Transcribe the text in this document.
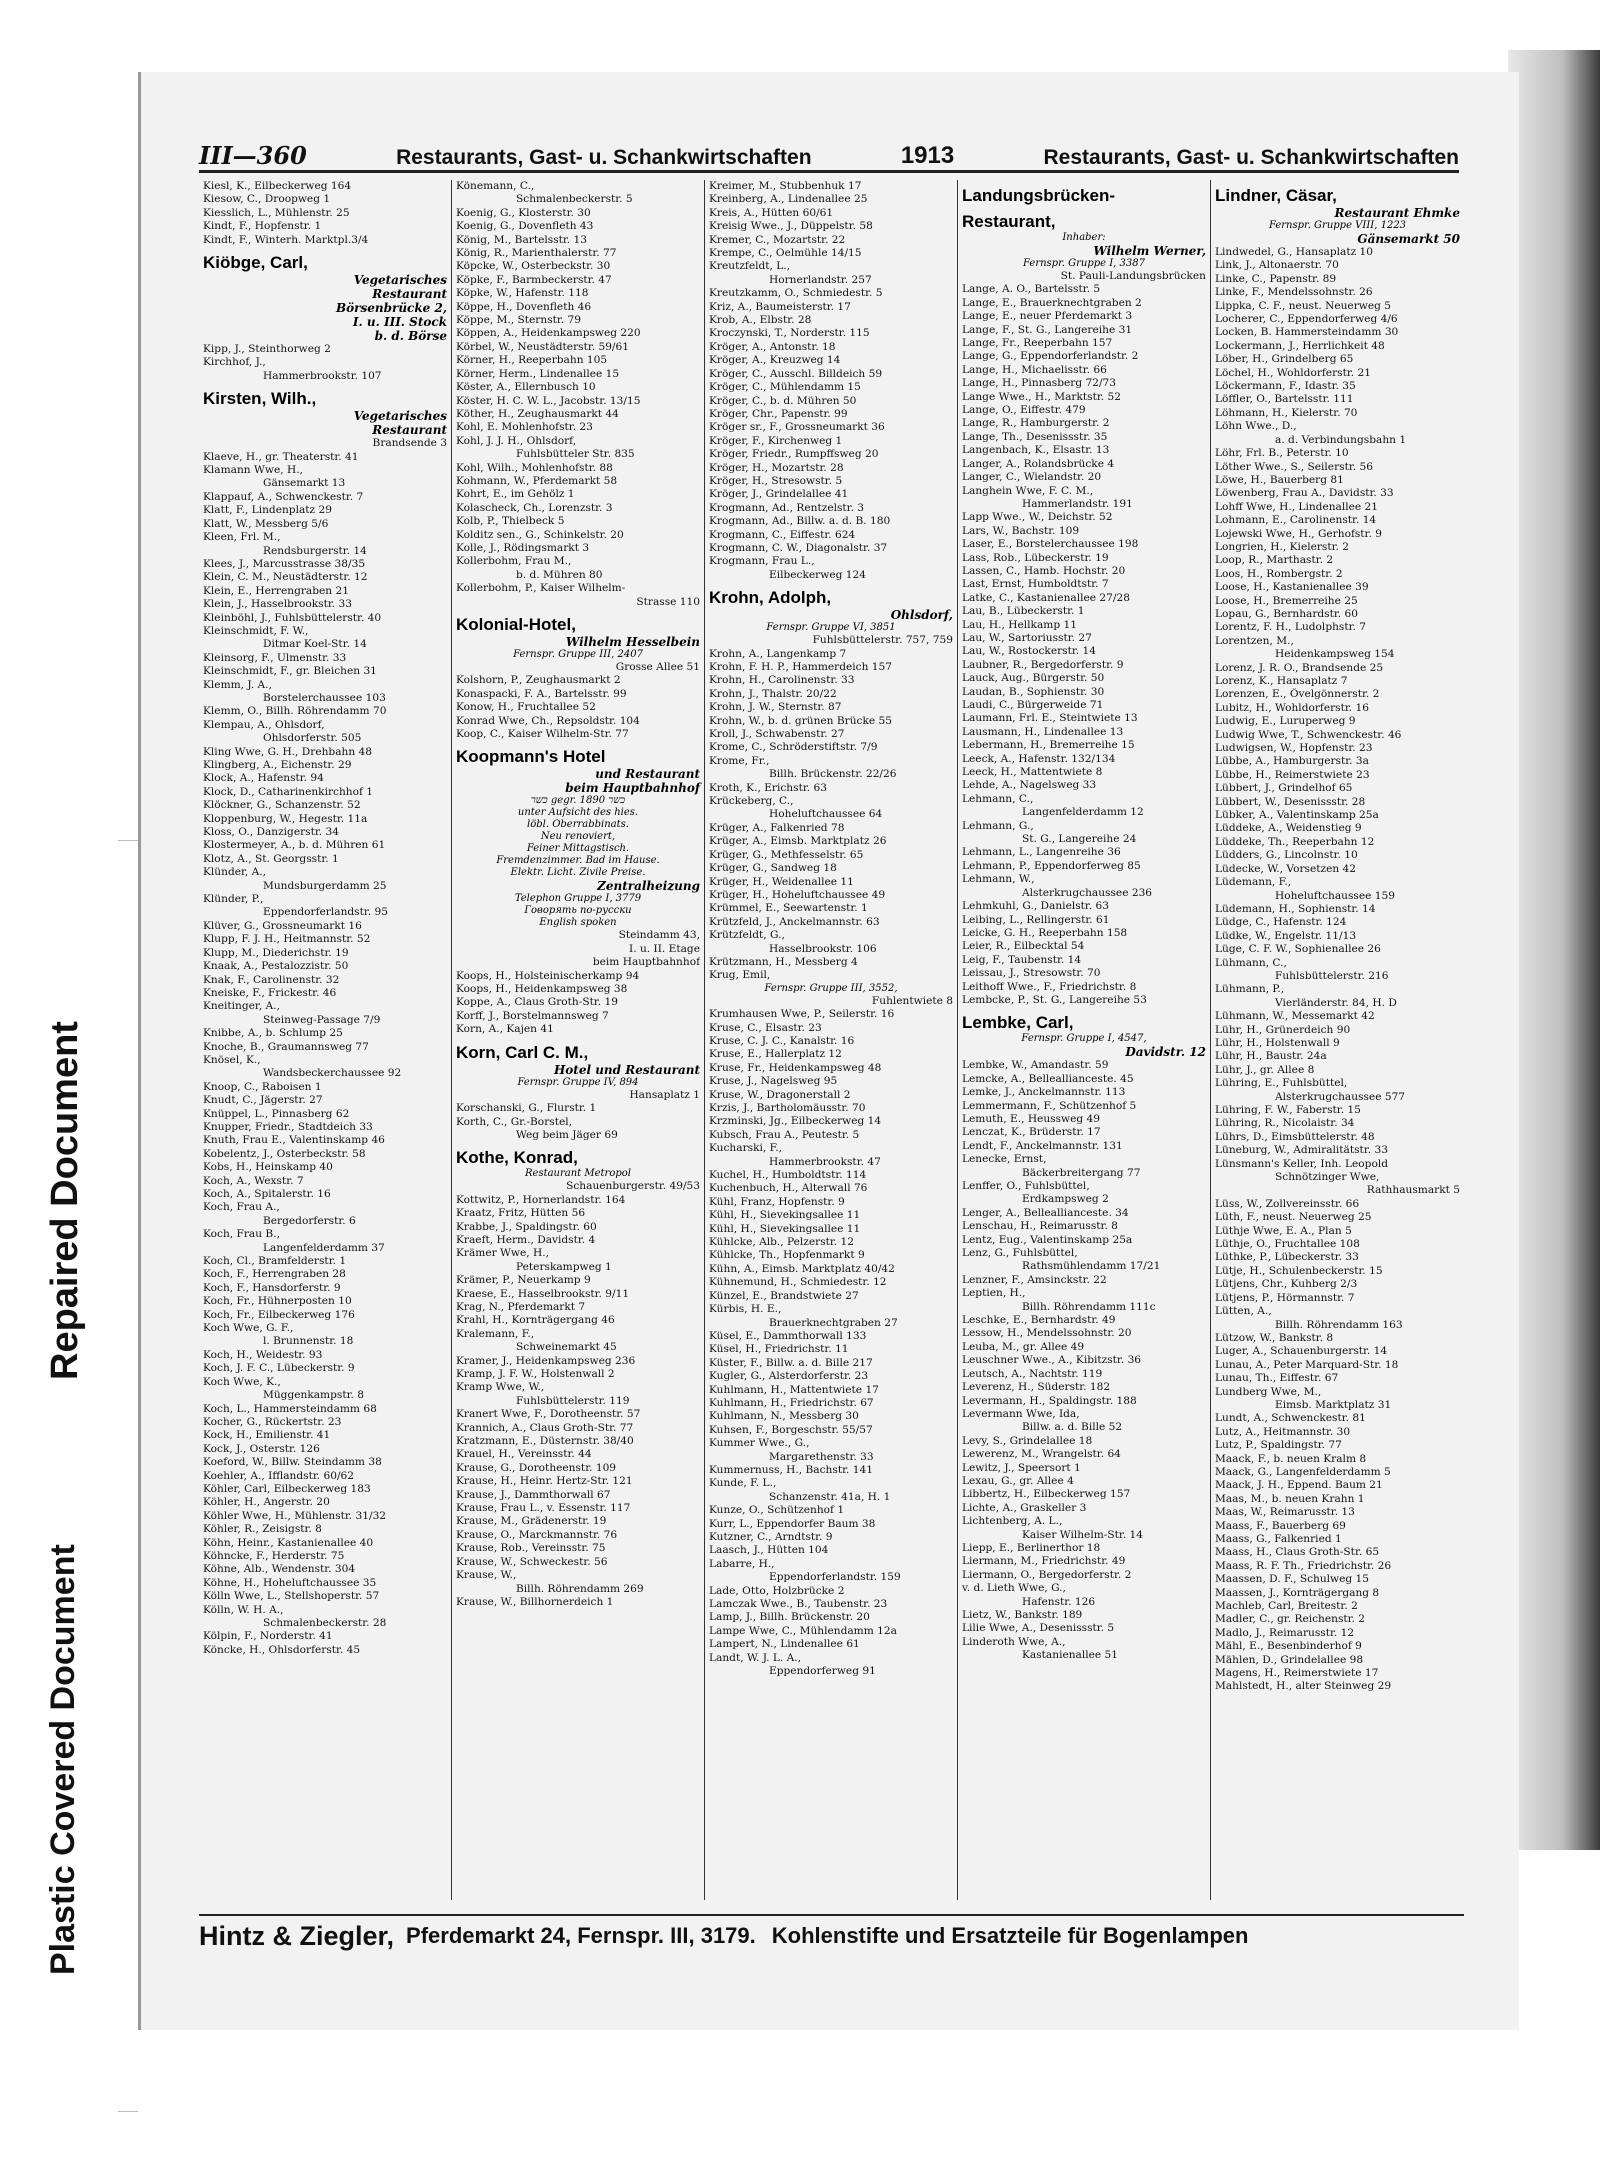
Repaired Document
Plastic Covered Document
III—360	Restaurants, Gast- u. Schankwirtschaften	1913	Restaurants, Gast- u. Schankwirtschaften
Kiesl, K., Eilbeckerweg 164
Kiesow, C., Droopweg 1
Kiesslich, L., Mühlenstr. 25
Kindt, F., Hopfenstr. 1
Kindt, F., Winterh. Marktpl.3/4
Kiöbge, Carl,
Vegetarisches
Restaurant
Börsenbrücke 2,
I. u. III. Stock
b. d. Börse
Kipp, J., Steinthorweg 2
Kirchhof, J.,
Hammerbrookstr. 107
Kirsten, Wilh.,
Vegetarisches
Restaurant
Brandsende 3
Klaeve, H., gr. Theaterstr. 41
Klamann Wwe, H.,
Gänsemarkt 13
Klappauf, A., Schwenckestr. 7
Klatt, F., Lindenplatz 29
Klatt, W., Messberg 5/6
Kleen, Frl. M.,
Rendsburgerstr. 14
Klees, J., Marcusstrasse 38/35
Klein, C. M., Neustädterstr. 12
Klein, E., Herrengraben 21
Klein, J., Hasselbrookstr. 33
Kleinböhl, J., Fuhlsbüttelerstr. 40
Kleinschmidt, F. W.,
Ditmar Koel-Str. 14
Kleinsorg, F., Ulmenstr. 33
Kleinschmidt, F., gr. Bleichen 31
Klemm, J. A.,
Borstelerchaussee 103
Klemm, O., Billh. Röhrendamm 70
Klempau, A., Ohlsdorf,
Ohlsdorferstr. 505
Kling Wwe, G. H., Drehbahn 48
Klingberg, A., Eichenstr. 29
Klock, A., Hafenstr. 94
Klock, D., Catharinenkirchhof 1
Klöckner, G., Schanzenstr. 52
Kloppenburg, W., Hegestr. 11a
Kloss, O., Danzigerstr. 34
Klostermeyer, A., b. d. Mühren 61
Klotz, A., St. Georgsstr. 1
Klünder, A.,
Mundsburgerdamm 25
Klünder, P.,
Eppendorferlandstr. 95
Klüver, G., Grossneumarkt 16
Klupp, F. J. H., Heitmannstr. 52
Klupp, M., Diederichstr. 19
Knaak, A., Pestalozzistr. 50
Knak, F., Carolinenstr. 32
Kneiske, F., Frickestr. 46
Kneitinger, A.,
Steinweg-Passage 7/9
Knibbe, A., b. Schlump 25
Knoche, B., Graumannsweg 77
Knösel, K.,
Wandsbeckerchaussee 92
Knoop, C., Raboisen 1
Knudt, C., Jägerstr. 27
Knüppel, L., Pinnasberg 62
Knupper, Friedr., Stadtdeich 33
Knuth, Frau E., Valentinskamp 46
Kobelentz, J., Osterbeckstr. 58
Kobs, H., Heinskamp 40
Koch, A., Wexstr. 7
Koch, A., Spitalerstr. 16
Koch, Frau A.,
Bergedorferstr. 6
Koch, Frau B.,
Langenfelderdamm 37
Koch, Cl., Bramfelderstr. 1
Koch, F., Herrengraben 28
Koch, F., Hansdorferstr. 9
Koch, Fr., Hühnerposten 10
Koch, Fr., Eilbeckerweg 176
Koch Wwe, G. F.,
l. Brunnenstr. 18
Koch, H., Weidestr. 93
Koch, J. F. C., Lübeckerstr. 9
Koch Wwe, K.,
Müggenkampstr. 8
Koch, L., Hammersteindamm 68
Kocher, G., Rückertstr. 23
Kock, H., Emilienstr. 41
Kock, J., Osterstr. 126
Koeford, W., Billw. Steindamm 38
Koehler, A., Ifflandstr. 60/62
Köhler, Carl, Eilbeckerweg 183
Köhler, H., Angerstr. 20
Köhler Wwe, H., Mühlenstr. 31/32
Köhler, R., Zeisigstr. 8
Köhn, Heinr., Kastanienallee 40
Köhncke, F., Herderstr. 75
Köhne, Alb., Wendenstr. 304
Köhne, H., Hoheluftchaussee 35
Kölln Wwe, L., Stellshoperstr. 57
Kölln, W. H. A.,
Schmalenbeckerstr. 28
Kölpin, F., Norderstr. 41
Köncke, H., Ohlsdorferstr. 45
Könemann, C.,
Schmalenbeckerstr. 5
Koenig, G., Klosterstr. 30
Koenig, G., Dovenfleth 43
König, M., Bartelsstr. 13
König, R., Marienthalerstr. 77
Köpcke, W., Osterbeckstr. 30
Köpke, F., Barmbeckerstr. 47
Köpke, W., Hafenstr. 118
Köppe, H., Dovenfleth 46
Köppe, M., Sternstr. 79
Köppen, A., Heidenkampsweg 220
Körbel, W., Neustädterstr. 59/61
Körner, H., Reeperbahn 105
Körner, Herm., Lindenallee 15
Köster, A., Ellernbusch 10
Köster, H. C. W. L., Jacobstr. 13/15
Köther, H., Zeughausmarkt 44
Kohl, E. Mohlenhofstr. 23
Kohl, J. J. H., Ohlsdorf,
Fuhlsbütteler Str. 835
Kohl, Wilh., Mohlenhofstr. 88
Kohmann, W., Pferdemarkt 58
Kohrt, E., im Gehölz 1
Kolascheck, Ch., Lorenzstr. 3
Kolb, P., Thielbeck 5
Kolditz sen., G., Schinkelstr. 20
Kolle, J., Rödingsmarkt 3
Kollerbohm, Frau M.,
b. d. Mühren 80
Kollerbohm, P., Kaiser Wilhelm-
Strasse 110
Kolonial-Hotel,
Wilhelm Hesselbein
Fernspr. Gruppe III, 2407
Grosse Allee 51
Kolshorn, P., Zeughausmarkt 2
Konaspacki, F. A., Bartelsstr. 99
Konow, H., Fruchtallee 52
Konrad Wwe, Ch., Repsoldstr. 104
Koop, C., Kaiser Wilhelm-Str. 77
Koopmann's Hotel
und Restaurant
beim Hauptbahnhof
כשר gegr. 1890 כשר
unter Aufsicht des hies.
löbl. Oberrabbinats.
Neu renoviert,
Feiner Mittagstisch.
Fremdenzimmer. Bad im Hause.
Elektr. Licht. Zivile Preise.
Zentralheizung
Telephon Gruppe I, 3779
Говорять по-русски
English spoken
Steindamm 43,
I. u. II. Etage
beim Hauptbahnhof
Koops, H., Holsteinischerkamp 94
Koops, H., Heidenkampsweg 38
Koppe, A., Claus Groth-Str. 19
Korff, J., Borstelmannsweg 7
Korn, A., Kajen 41
Korn, Carl C. M.,
Hotel und Restaurant
Fernspr. Gruppe IV, 894
Hansaplatz 1
Korschanski, G., Flurstr. 1
Korth, C., Gr.-Borstel,
Weg beim Jäger 69
Kothe, Konrad,
Restaurant Metropol
Schauenburgerstr. 49/53
Kottwitz, P., Hornerlandstr. 164
Kraatz, Fritz, Hütten 56
Krabbe, J., Spaldingstr. 60
Kraeft, Herm., Davidstr. 4
Krämer Wwe, H.,
Peterskampweg 1
Krämer, P., Neuerkamp 9
Kraese, E., Hasselbrookstr. 9/11
Krag, N., Pferdemarkt 7
Krahl, H., Kornträgergang 46
Kralemann, F.,
Schweinemarkt 45
Kramer, J., Heidenkampsweg 236
Kramp, J. F. W., Holstenwall 2
Kramp Wwe, W.,
Fuhlsbüttelerstr. 119
Kranert Wwe, F., Dorotheenstr. 57
Krannich, A., Claus Groth-Str. 77
Kratzmann, E., Düsternstr. 38/40
Krauel, H., Vereinsstr. 44
Krause, G., Dorotheenstr. 109
Krause, H., Heinr. Hertz-Str. 121
Krause, J., Dammthorwall 67
Krause, Frau L., v. Essenstr. 117
Krause, M., Grädenerstr. 19
Krause, O., Marckmannstr. 76
Krause, Rob., Vereinsstr. 75
Krause, W., Schweckestr. 56
Krause, W.,
Billh. Röhrendamm 269
Krause, W., Billhornerdeich 1
Kreimer, M., Stubbenhuk 17
Kreinberg, A., Lindenallee 25
Kreis, A., Hütten 60/61
Kreisig Wwe., J., Düppelstr. 58
Kremer, C., Mozartstr. 22
Krempe, C., Oelmühle 14/15
Kreutzfeldt, L.,
Hornerlandstr. 257
Kreutzkamm, O., Schmiedestr. 5
Kriz, A., Baumeisterstr. 17
Krob, A., Elbstr. 28
Kroczynski, T., Norderstr. 115
Kröger, A., Antonstr. 18
Kröger, A., Kreuzweg 14
Kröger, C., Ausschl. Billdeich 59
Kröger, C., Mühlendamm 15
Kröger, C., b. d. Mühren 50
Kröger, Chr., Papenstr. 99
Kröger sr., F., Grossneumarkt 36
Kröger, F., Kirchenweg 1
Kröger, Friedr., Rumpffsweg 20
Kröger, H., Mozartstr. 28
Kröger, H., Stresowstr. 5
Kröger, J., Grindelallee 41
Krogmann, Ad., Rentzelstr. 3
Krogmann, Ad., Billw. a. d. B. 180
Krogmann, C., Eiffestr. 624
Krogmann, C. W., Diagonalstr. 37
Krogmann, Frau L.,
Eilbeckerweg 124
Krohn, Adolph,
Ohlsdorf,
Fernspr. Gruppe VI, 3851
Fuhlsbüttelerstr. 757, 759
Krohn, A., Langenkamp 7
Krohn, F. H. P., Hammerdeich 157
Krohn, H., Carolinenstr. 33
Krohn, J., Thalstr. 20/22
Krohn, J. W., Sternstr. 87
Krohn, W., b. d. grünen Brücke 55
Kroll, J., Schwabenstr. 27
Krome, C., Schröderstiftstr. 7/9
Krome, Fr.,
Billh. Brückenstr. 22/26
Kroth, K., Erichstr. 63
Krückeberg, C.,
Hoheluftchaussee 64
Krüger, A., Falkenried 78
Krüger, A., Eimsb. Marktplatz 26
Krüger, G., Methfesselstr. 65
Krüger, G., Sandweg 18
Krüger, H., Weidenallee 11
Krüger, H., Hoheluftchaussee 49
Krümmel, E., Seewartenstr. 1
Krützfeld, J., Anckelmannstr. 63
Krützfeldt, G.,
Hasselbrookstr. 106
Krützmann, H., Messberg 4
Krug, Emil,
Fernspr. Gruppe III, 3552,
Fuhlentwiete 8
Krumhausen Wwe, P., Seilerstr. 16
Kruse, C., Elsastr. 23
Kruse, C. J. C., Kanalstr. 16
Kruse, E., Hallerplatz 12
Kruse, Fr., Heidenkampsweg 48
Kruse, J., Nagelsweg 95
Kruse, W., Dragonerstall 2
Krzis, J., Bartholomäusstr. 70
Krzminski, Jg., Eilbeckerweg 14
Kubsch, Frau A., Peutestr. 5
Kucharski, F.,
Hammerbrookstr. 47
Kuchel, H., Humboldtstr. 114
Kuchenbuch, H., Alterwall 76
Kühl, Franz, Hopfenstr. 9
Kühl, H., Sievekingsallee 11
Kühl, H., Sievekingsallee 11
Kühlcke, Alb., Pelzerstr. 12
Kühlcke, Th., Hopfenmarkt 9
Kühn, A., Eimsb. Marktplatz 40/42
Kühnemund, H., Schmiedestr. 12
Künzel, E., Brandstwiete 27
Kürbis, H. E.,
Brauerknechtgraben 27
Küsel, E., Dammthorwall 133
Küsel, H., Friedrichstr. 11
Küster, F., Billw. a. d. Bille 217
Kugler, G., Alsterdorferstr. 23
Kuhlmann, H., Mattentwiete 17
Kuhlmann, H., Friedrichstr. 67
Kuhlmann, N., Messberg 30
Kuhsen, F., Borgeschstr. 55/57
Kummer Wwe., G.,
Margarethenstr. 33
Kummernuss, H., Bachstr. 141
Kunde, F. L.,
Schanzenstr. 41a, H. 1
Kunze, O., Schützenhof 1
Kurr, L., Eppendorfer Baum 38
Kutzner, C., Arndtstr. 9
Laasch, J., Hütten 104
Labarre, H.,
Eppendorferlandstr. 159
Lade, Otto, Holzbrücke 2
Lamczak Wwe., B., Taubenstr. 23
Lamp, J., Billh. Brückenstr. 20
Lampe Wwe, C., Mühlendamm 12a
Lampert, N., Lindenallee 61
Landt, W. J. L. A.,
Eppendorferweg 91
Landungsbrücken-
Restaurant,
Inhaber:
Wilhelm Werner,
Fernspr. Gruppe I, 3387
St. Pauli-Landungsbrücken
Lange, A. O., Bartelsstr. 5
Lange, E., Brauerknechtgraben 2
Lange, E., neuer Pferdemarkt 3
Lange, F., St. G., Langereihe 31
Lange, Fr., Reeperbahn 157
Lange, G., Eppendorferlandstr. 2
Lange, H., Michaelisstr. 66
Lange, H., Pinnasberg 72/73
Lange Wwe., H., Marktstr. 52
Lange, O., Eiffestr. 479
Lange, R., Hamburgerstr. 2
Lange, Th., Desenissstr. 35
Langenbach, K., Elsastr. 13
Langer, A., Rolandsbrücke 4
Langer, C., Wielandstr. 20
Langhein Wwe, F. C. M.,
Hammerlandstr. 191
Lapp Wwe., W., Deichstr. 52
Lars, W., Bachstr. 109
Laser, E., Borstelerchaussee 198
Lass, Rob., Lübeckerstr. 19
Lassen, C., Hamb. Hochstr. 20
Last, Ernst, Humboldtstr. 7
Latke, C., Kastanienallee 27/28
Lau, B., Lübeckerstr. 1
Lau, H., Hellkamp 11
Lau, W., Sartoriusstr. 27
Lau, W., Rostockerstr. 14
Laubner, R., Bergedorferstr. 9
Lauck, Aug., Bürgerstr. 50
Laudan, B., Sophienstr. 30
Laudi, C., Bürgerweide 71
Laumann, Frl. E., Steintwiete 13
Lausmann, H., Lindenallee 13
Lebermann, H., Bremerreihe 15
Leeck, A., Hafenstr. 132/134
Leeck, H., Mattentwiete 8
Lehde, A., Nagelsweg 33
Lehmann, C.,
Langenfelderdamm 12
Lehmann, G.,
St. G., Langereihe 24
Lehmann, L., Langenreihe 36
Lehmann, P., Eppendorferweg 85
Lehmann, W.,
Alsterkrugchaussee 236
Lehmkuhl, G., Danielstr. 63
Leibing, L., Rellingerstr. 61
Leicke, G. H., Reeperbahn 158
Leier, R., Eilbecktal 54
Leig, F., Taubenstr. 14
Leissau, J., Stresowstr. 70
Leithoff Wwe., F., Friedrichstr. 8
Lembcke, P., St. G., Langereihe 53
Lembke, Carl,
Fernspr. Gruppe I, 4547,
Davidstr. 12
Lembke, W., Amandastr. 59
Lemcke, A., Belleallianceste. 45
Lemke, J., Anckelmannstr. 113
Lemmermann, F., Schützenhof 5
Lemuth, E., Heussweg 49
Lenczat, K., Brüderstr. 17
Lendt, F., Anckelmannstr. 131
Lenecke, Ernst,
Bäckerbreitergang 77
Lenffer, O., Fuhlsbüttel,
Erdkampsweg 2
Lenger, A., Belleallianceste. 34
Lenschau, H., Reimarusstr. 8
Lentz, Eug., Valentinskamp 25a
Lenz, G., Fuhlsbüttel,
Rathsmühlendamm 17/21
Lenzner, F., Amsinckstr. 22
Leptien, H.,
Billh. Röhrendamm 111c
Leschke, E., Bernhardstr. 49
Lessow, H., Mendelssohnstr. 20
Leuba, M., gr. Allee 49
Leuschner Wwe., A., Kibitzstr. 36
Leutsch, A., Nachtstr. 119
Leverenz, H., Süderstr. 182
Levermann, H., Spaldingstr. 188
Levermann Wwe, Ida,
Billw. a. d. Bille 52
Levy, S., Grindelallee 18
Lewerenz, M., Wrangelstr. 64
Lewitz, J., Speersort 1
Lexau, G., gr. Allee 4
Libbertz, H., Eilbeckerweg 157
Lichte, A., Graskeller 3
Lichtenberg, A. L.,
Kaiser Wilhelm-Str. 14
Liepp, E., Berlinerthor 18
Liermann, M., Friedrichstr. 49
Liermann, O., Bergedorferstr. 2
v. d. Lieth Wwe, G.,
Hafenstr. 126
Lietz, W., Bankstr. 189
Lilie Wwe, A., Desenissstr. 5
Linderoth Wwe, A.,
Kastanienallee 51
Lindner, Cäsar,
Restaurant Ehmke
Fernspr. Gruppe VIII, 1223
Gänsemarkt 50
Lindwedel, G., Hansaplatz 10
Link, J., Altonaerstr. 70
Linke, C., Papenstr. 89
Linke, F., Mendelssohnstr. 26
Lippka, C. F., neust. Neuerweg 5
Locherer, C., Eppendorferweg 4/6
Locken, B. Hammersteindamm 30
Lockermann, J., Herrlichkeit 48
Löber, H., Grindelberg 65
Löchel, H., Wohldorferstr. 21
Löckermann, F., Idastr. 35
Löffler, O., Bartelsstr. 111
Löhmann, H., Kielerstr. 70
Löhn Wwe., D.,
a. d. Verbindungsbahn 1
Löhr, Frl. B., Peterstr. 10
Löther Wwe., S., Seilerstr. 56
Löwe, H., Bauerberg 81
Löwenberg, Frau A., Davidstr. 33
Lohff Wwe, H., Lindenallee 21
Lohmann, E., Carolinenstr. 14
Lojewski Wwe, H., Gerhofstr. 9
Longrien, H., Kielerstr. 2
Loop, R., Marthastr. 2
Loos, H., Rombergstr. 2
Loose, H., Kastanienallee 39
Loose, H., Bremerreihe 25
Lopau, G., Bernhardstr. 60
Lorentz, F. H., Ludolphstr. 7
Lorentzen, M.,
Heidenkampsweg 154
Lorenz, J. R. O., Brandsende 25
Lorenz, K., Hansaplatz 7
Lorenzen, E., Övelgönnerstr. 2
Lubitz, H., Wohldorferstr. 16
Ludwig, E., Luruperweg 9
Ludwig Wwe, T., Schwenckestr. 46
Ludwigsen, W., Hopfenstr. 23
Lübbe, A., Hamburgerstr. 3a
Lübbe, H., Reimerstwiete 23
Lübbert, J., Grindelhof 65
Lübbert, W., Desenissstr. 28
Lübker, A., Valentinskamp 25a
Lüddeke, A., Weidenstieg 9
Lüddeke, Th., Reeperbahn 12
Lüdders, G., Lincolnstr. 10
Lüdecke, W., Vorsetzen 42
Lüdemann, F.,
Hoheluftchaussee 159
Lüdemann, H., Sophienstr. 14
Lüdge, C., Hafenstr. 124
Lüdke, W., Engelstr. 11/13
Lüge, C. F. W., Sophienallee 26
Lühmann, C.,
Fuhlsbüttelerstr. 216
Lühmann, P.,
Vierländerstr. 84, H. D
Lühmann, W., Messemarkt 42
Lühr, H., Grünerdeich 90
Lühr, H., Holstenwall 9
Lühr, H., Baustr. 24a
Lühr, J., gr. Allee 8
Lühring, E., Fuhlsbüttel,
Alsterkrugchaussee 577
Lühring, F. W., Faberstr. 15
Lühring, R., Nicolaistr. 34
Lührs, D., Eimsbüttelerstr. 48
Lüneburg, W., Admiralitätstr. 33
Lünsmann's Keller, Inh. Leopold
Schnötzinger Wwe,
Rathhausmarkt 5
Lüss, W., Zollvereinsstr. 66
Lüth, F., neust. Neuerweg 25
Lüthje Wwe, E. A., Plan 5
Lüthje, O., Fruchtallee 108
Lüthke, P., Lübeckerstr. 33
Lütje, H., Schulenbeckerstr. 15
Lütjens, Chr., Kuhberg 2/3
Lütjens, P., Hörmannstr. 7
Lütten, A.,
Billh. Röhrendamm 163
Lützow, W., Bankstr. 8
Luger, A., Schauenburgerstr. 14
Lunau, A., Peter Marquard-Str. 18
Lunau, Th., Eiffestr. 67
Lundberg Wwe, M.,
Eimsb. Marktplatz 31
Lundt, A., Schwenckestr. 81
Lutz, A., Heitmannstr. 30
Lutz, P., Spaldingstr. 77
Maack, F., b. neuen Kralm 8
Maack, G., Langenfelderdamm 5
Maack, J. H., Eppend. Baum 21
Maas, M., b. neuen Krahn 1
Maas, W., Reimarusstr. 13
Maass, F., Bauerberg 69
Maass, G., Falkenried 1
Maass, H., Claus Groth-Str. 65
Maass, R. F. Th., Friedrichstr. 26
Maassen, D. F., Schulweg 15
Maassen, J., Kornträgergang 8
Machleb, Carl, Breitestr. 2
Madler, C., gr. Reichenstr. 2
Madlo, J., Reimarusstr. 12
Mähl, E., Besenbinderhof 9
Mählen, D., Grindelallee 98
Magens, H., Reimerstwiete 17
Mahlstedt, H., alter Steinweg 29
Hintz & Ziegler, Pferdemarkt 24, Fernspr. III, 3179. Kohlenstifte und Ersatzteile für Bogenlampen
